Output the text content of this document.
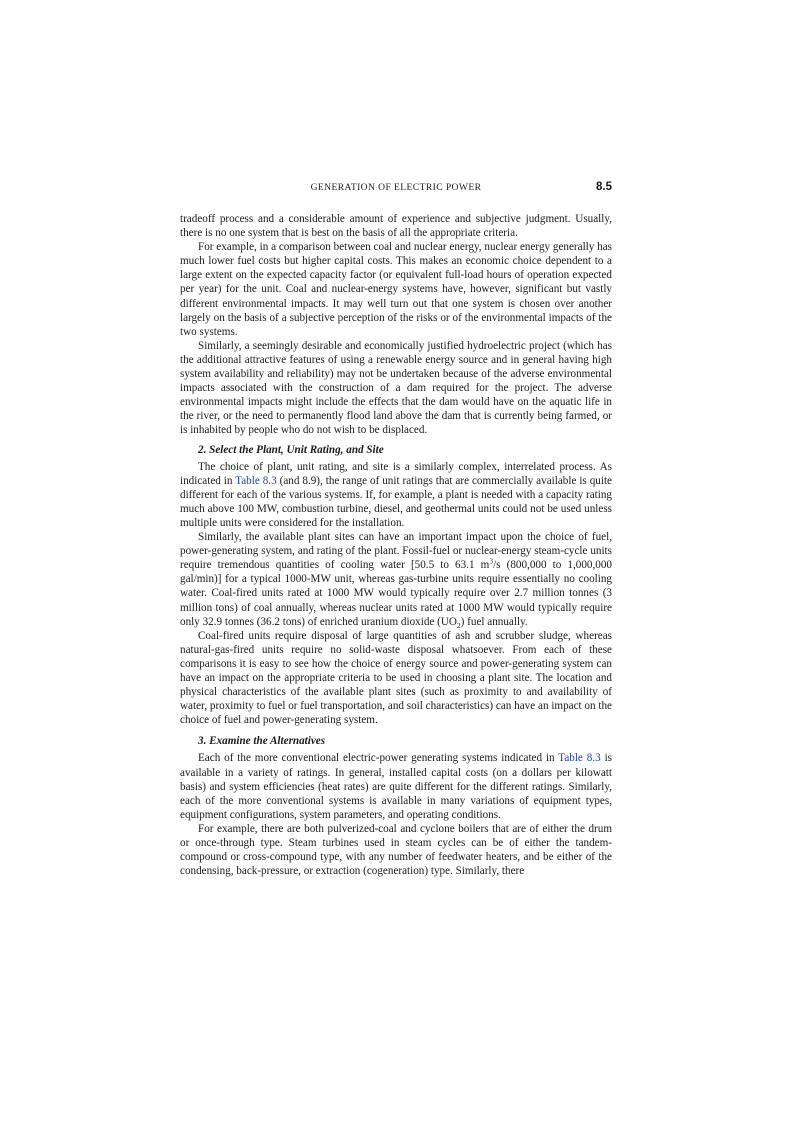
GENERATION OF ELECTRIC POWER	8.5

tradeoff process and a considerable amount of experience and subjective judgment. Usually, there is no one system that is best on the basis of all the appropriate criteria.

For example, in a comparison between coal and nuclear energy, nuclear energy generally has much lower fuel costs but higher capital costs. This makes an economic choice dependent to a large extent on the expected capacity factor (or equivalent full-load hours of operation expected per year) for the unit. Coal and nuclear-energy systems have, however, significant but vastly different environmental impacts. It may well turn out that one system is chosen over another largely on the basis of a subjective perception of the risks or of the environmental impacts of the two systems.

Similarly, a seemingly desirable and economically justified hydroelectric project (which has the additional attractive features of using a renewable energy source and in general having high system availability and reliability) may not be undertaken because of the adverse environmental impacts associated with the construction of a dam required for the project. The adverse environmental impacts might include the effects that the dam would have on the aquatic life in the river, or the need to permanently flood land above the dam that is currently being farmed, or is inhabited by people who do not wish to be displaced.

2. Select the Plant, Unit Rating, and Site

The choice of plant, unit rating, and site is a similarly complex, interrelated process. As indicated in Table 8.3 (and 8.9), the range of unit ratings that are commercially available is quite different for each of the various systems. If, for example, a plant is needed with a capacity rating much above 100 MW, combustion turbine, diesel, and geothermal units could not be used unless multiple units were considered for the installation.

Similarly, the available plant sites can have an important impact upon the choice of fuel, power-generating system, and rating of the plant. Fossil-fuel or nuclear-energy steam-cycle units require tremendous quantities of cooling water [50.5 to 63.1 $m^3/s$ (800,000 to 1,000,000 gal/min)] for a typical 1000-MW unit, whereas gas-turbine units require essentially no cooling water. Coal-fired units rated at 1000 MW would typically require over 2.7 million tonnes (3 million tons) of coal annually, whereas nuclear units rated at 1000 MW would typically require only 32.9 tonnes (36.2 tons) of enriched uranium dioxide $(UO_2)$ fuel annually.

Coal-fired units require disposal of large quantities of ash and scrubber sludge, whereas natural-gas-fired units require no solid-waste disposal whatsoever. From each of these comparisons it is easy to see how the choice of energy source and power-generating system can have an impact on the appropriate criteria to be used in choosing a plant site. The location and physical characteristics of the available plant sites (such as proximity to and availability of water, proximity to fuel or fuel transportation, and soil characteristics) can have an impact on the choice of fuel and power-generating system.

3. Examine the Alternatives

Each of the more conventional electric-power generating systems indicated in Table 8.3 is available in a variety of ratings. In general, installed capital costs (on a dollars per kilowatt basis) and system efficiencies (heat rates) are quite different for the different ratings. Similarly, each of the more conventional systems is available in many variations of equipment types, equipment configurations, system parameters, and operating conditions.

For example, there are both pulverized-coal and cyclone boilers that are of either the drum or once-through type. Steam turbines used in steam cycles can be of either the tandem-compound or cross-compound type, with any number of feedwater heaters, and be either of the condensing, back-pressure, or extraction (cogeneration) type. Similarly, there
